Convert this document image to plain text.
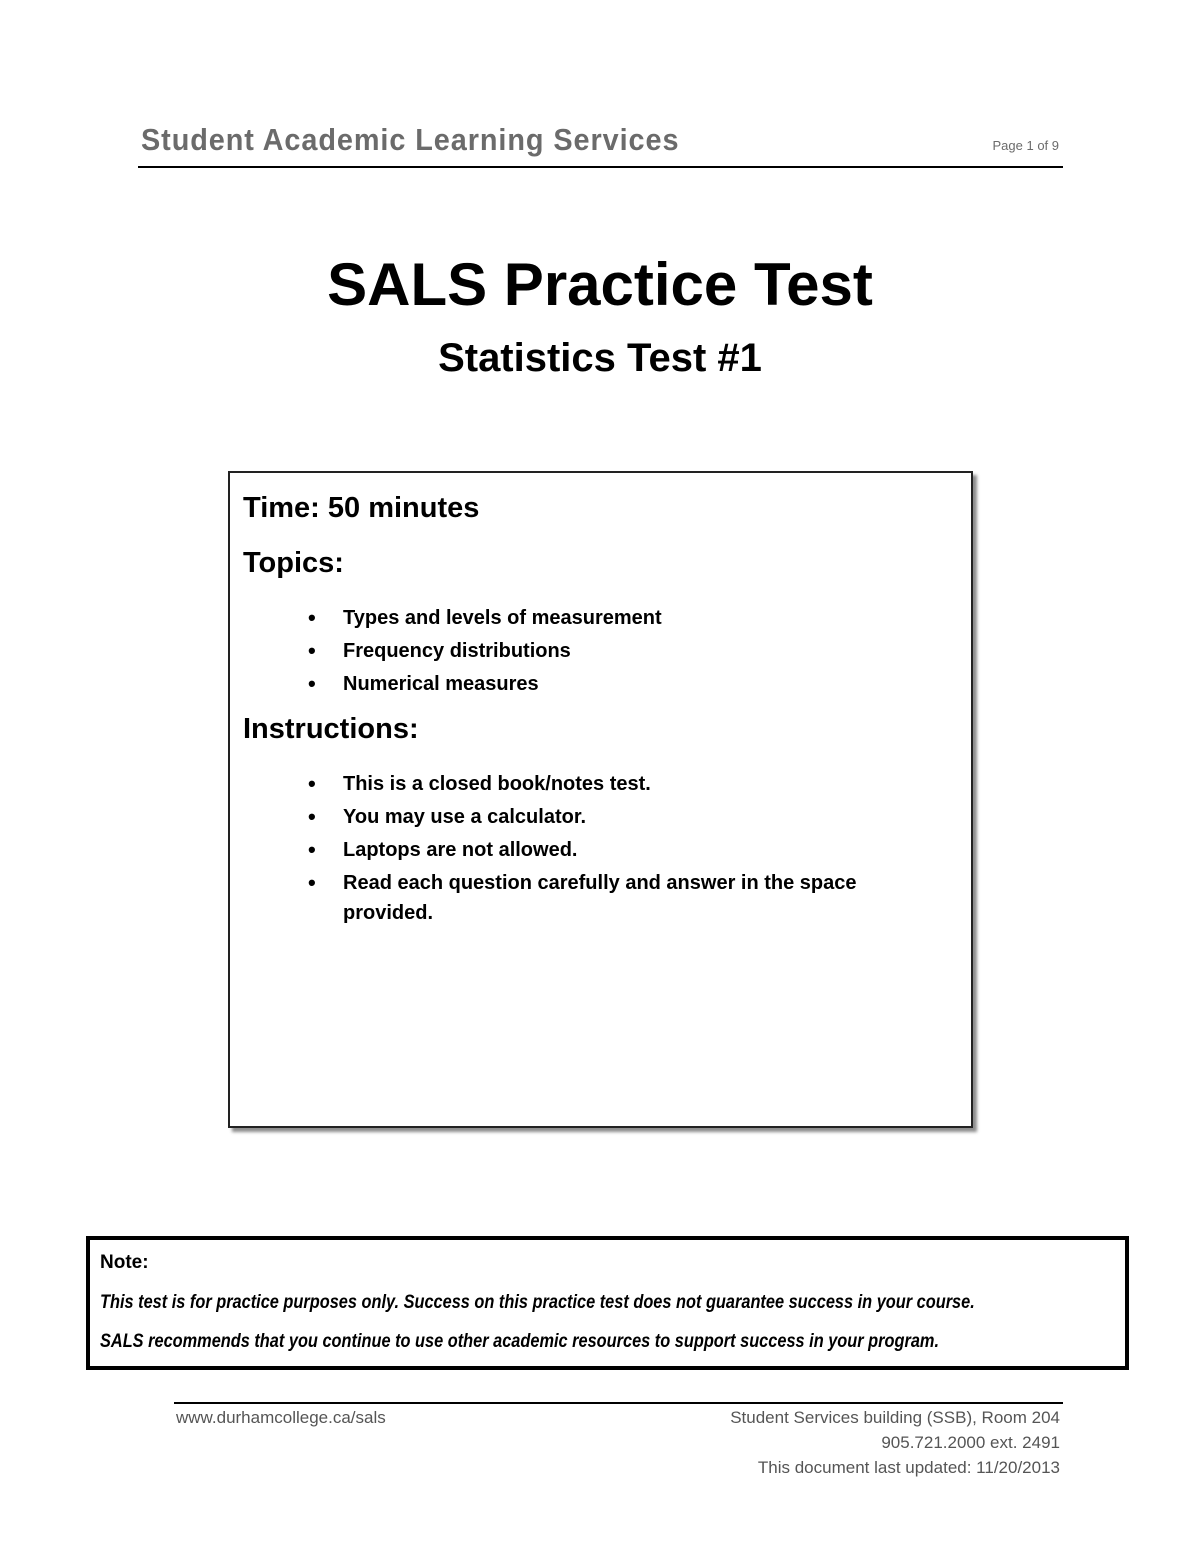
Student Academic Learning Services	Page 1 of 9
SALS Practice Test
Statistics Test #1
Time: 50 minutes
Topics:
• Types and levels of measurement
• Frequency distributions
• Numerical measures
Instructions:
• This is a closed book/notes test.
• You may use a calculator.
• Laptops are not allowed.
• Read each question carefully and answer in the space provided.
Note:
This test is for practice purposes only. Success on this practice test does not guarantee success in your course.
SALS recommends that you continue to use other academic resources to support success in your program.
www.durhamcollege.ca/sals	Student Services building (SSB), Room 204
905.721.2000 ext. 2491
This document last updated: 11/20/2013
